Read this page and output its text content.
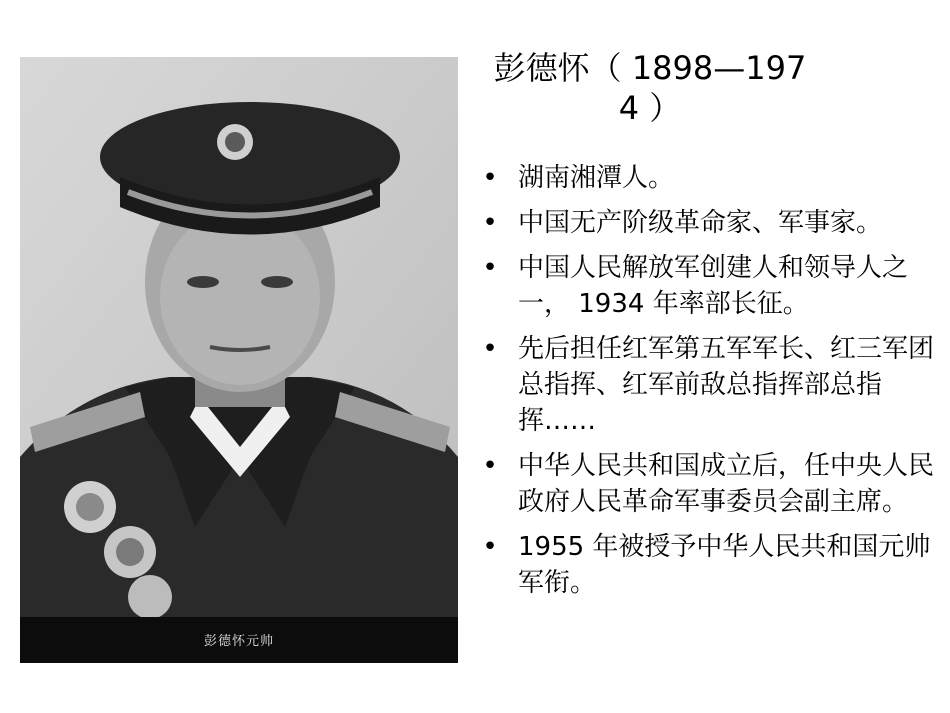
彭德怀元帅
彭德怀（ 1898—197
4 ）
• 湖南湘潭人。
• 中国无产阶级革命家、军事家。
• 中国人民解放军创建人和领导人之一， 1934 年率部长征。
• 先后担任红军第五军军长、红三军团总指挥、红军前敌总指挥部总指挥……
• 中华人民共和国成立后，任中央人民政府人民革命军事委员会副主席。
• 1955 年被授予中华人民共和国元帅军衔。
